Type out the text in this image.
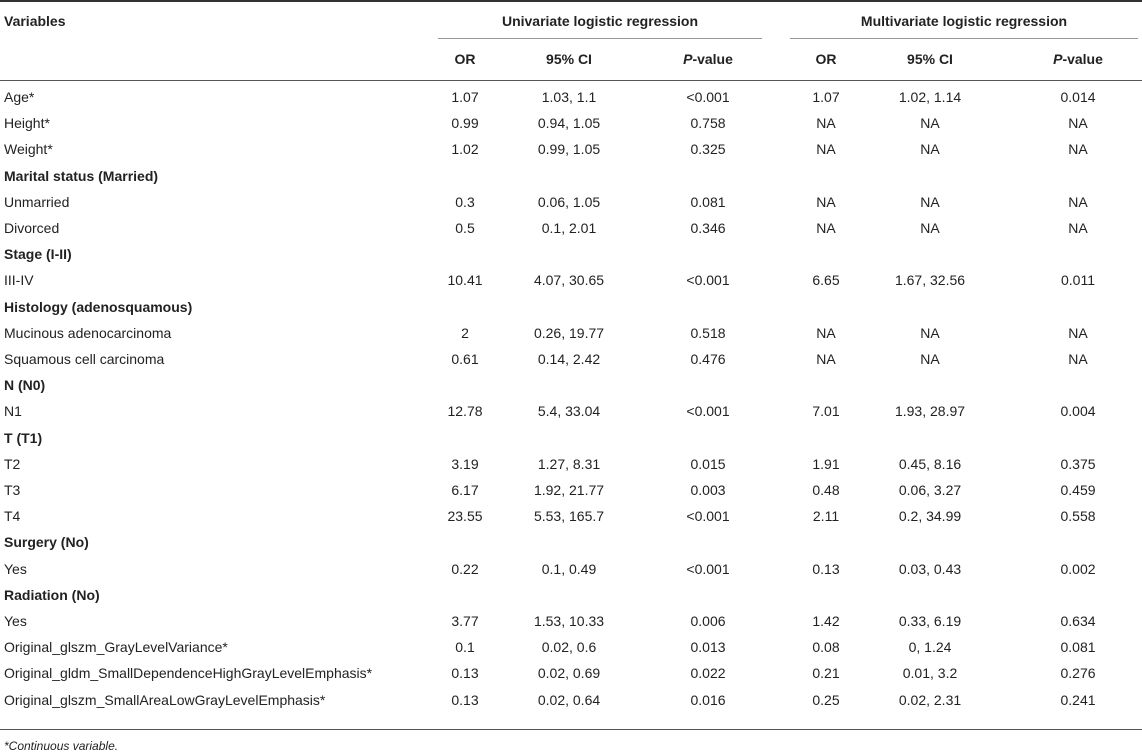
Variables	Univariate logistic regression	Multivariate logistic regression
OR	95% CI	P-value	OR	95% CI	P-value
Age*	1.07	1.03, 1.1	<0.001	1.07	1.02, 1.14	0.014
Height*	0.99	0.94, 1.05	0.758	NA	NA	NA
Weight*	1.02	0.99, 1.05	0.325	NA	NA	NA
Marital status (Married)
Unmarried	0.3	0.06, 1.05	0.081	NA	NA	NA
Divorced	0.5	0.1, 2.01	0.346	NA	NA	NA
Stage (I-II)
III-IV	10.41	4.07, 30.65	<0.001	6.65	1.67, 32.56	0.011
Histology (adenosquamous)
Mucinous adenocarcinoma	2	0.26, 19.77	0.518	NA	NA	NA
Squamous cell carcinoma	0.61	0.14, 2.42	0.476	NA	NA	NA
N (N0)
N1	12.78	5.4, 33.04	<0.001	7.01	1.93, 28.97	0.004
T (T1)
T2	3.19	1.27, 8.31	0.015	1.91	0.45, 8.16	0.375
T3	6.17	1.92, 21.77	0.003	0.48	0.06, 3.27	0.459
T4	23.55	5.53, 165.7	<0.001	2.11	0.2, 34.99	0.558
Surgery (No)
Yes	0.22	0.1, 0.49	<0.001	0.13	0.03, 0.43	0.002
Radiation (No)
Yes	3.77	1.53, 10.33	0.006	1.42	0.33, 6.19	0.634
Original_glszm_GrayLevelVariance*	0.1	0.02, 0.6	0.013	0.08	0, 1.24	0.081
Original_gldm_SmallDependenceHighGrayLevelEmphasis*	0.13	0.02, 0.69	0.022	0.21	0.01, 3.2	0.276
Original_glszm_SmallAreaLowGrayLevelEmphasis*	0.13	0.02, 0.64	0.016	0.25	0.02, 2.31	0.241
*Continuous variable.
